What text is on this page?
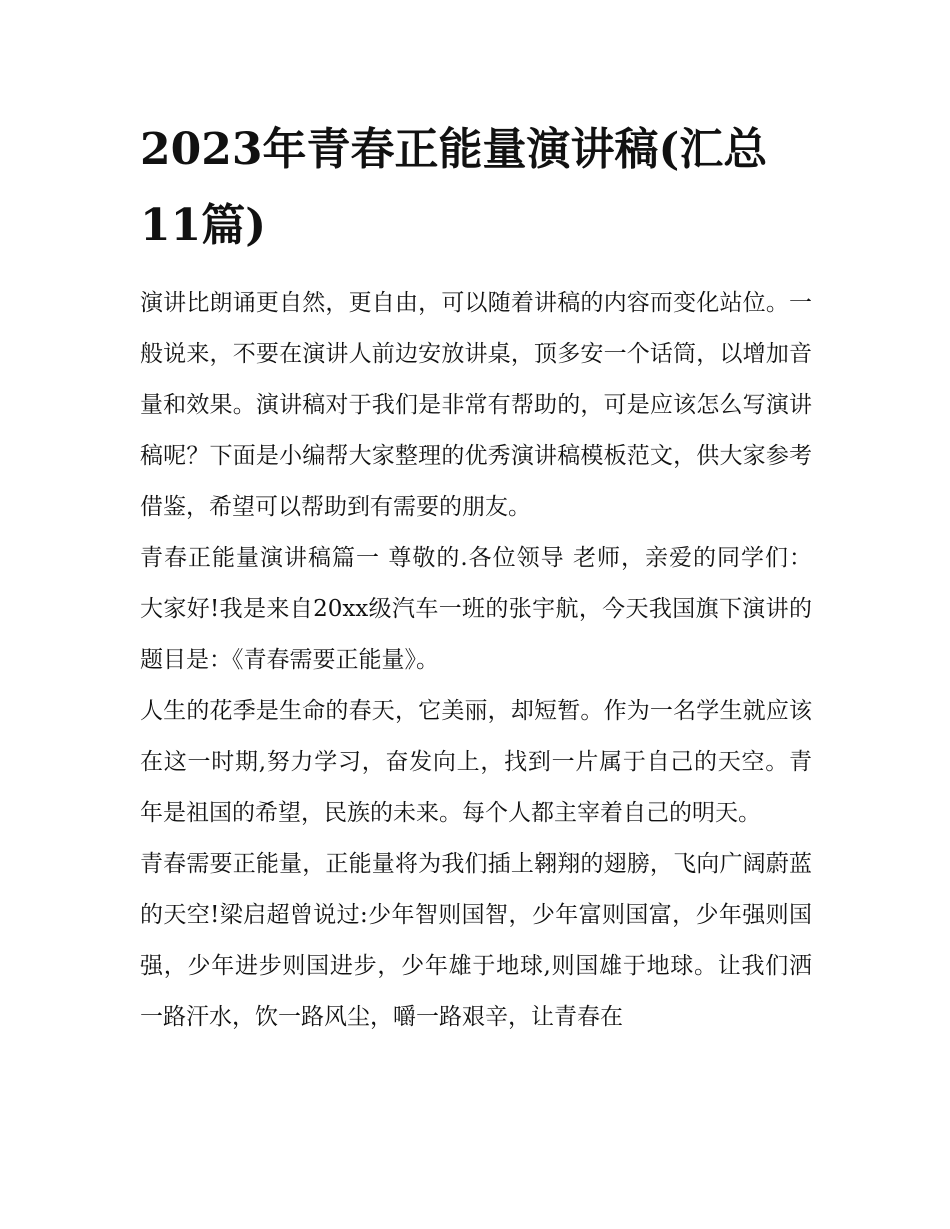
2023年青春正能量演讲稿(汇总11篇)

演讲比朗诵更自然，更自由，可以随着讲稿的内容而变化站位。一般说来，不要在演讲人前边安放讲桌，顶多安一个话筒，以增加音量和效果。演讲稿对于我们是非常有帮助的，可是应该怎么写演讲稿呢？下面是小编帮大家整理的优秀演讲稿模板范文，供大家参考借鉴，希望可以帮助到有需要的朋友。

青春正能量演讲稿篇一 尊敬的.各位领导 老师，亲爱的同学们： 大家好!我是来自20xx级汽车一班的张宇航，今天我国旗下演讲的题目是：《青春需要正能量》。

人生的花季是生命的春天，它美丽，却短暂。作为一名学生就应该在这一时期,努力学习，奋发向上，找到一片属于自己的天空。青年是祖国的希望，民族的未来。每个人都主宰着自己的明天。

青春需要正能量，正能量将为我们插上翱翔的翅膀，飞向广阔蔚蓝的天空!梁启超曾说过:少年智则国智，少年富则国富，少年强则国强，少年进步则国进步，少年雄于地球,则国雄于地球。让我们洒一路汗水，饮一路风尘，嚼一路艰辛，让青春在
